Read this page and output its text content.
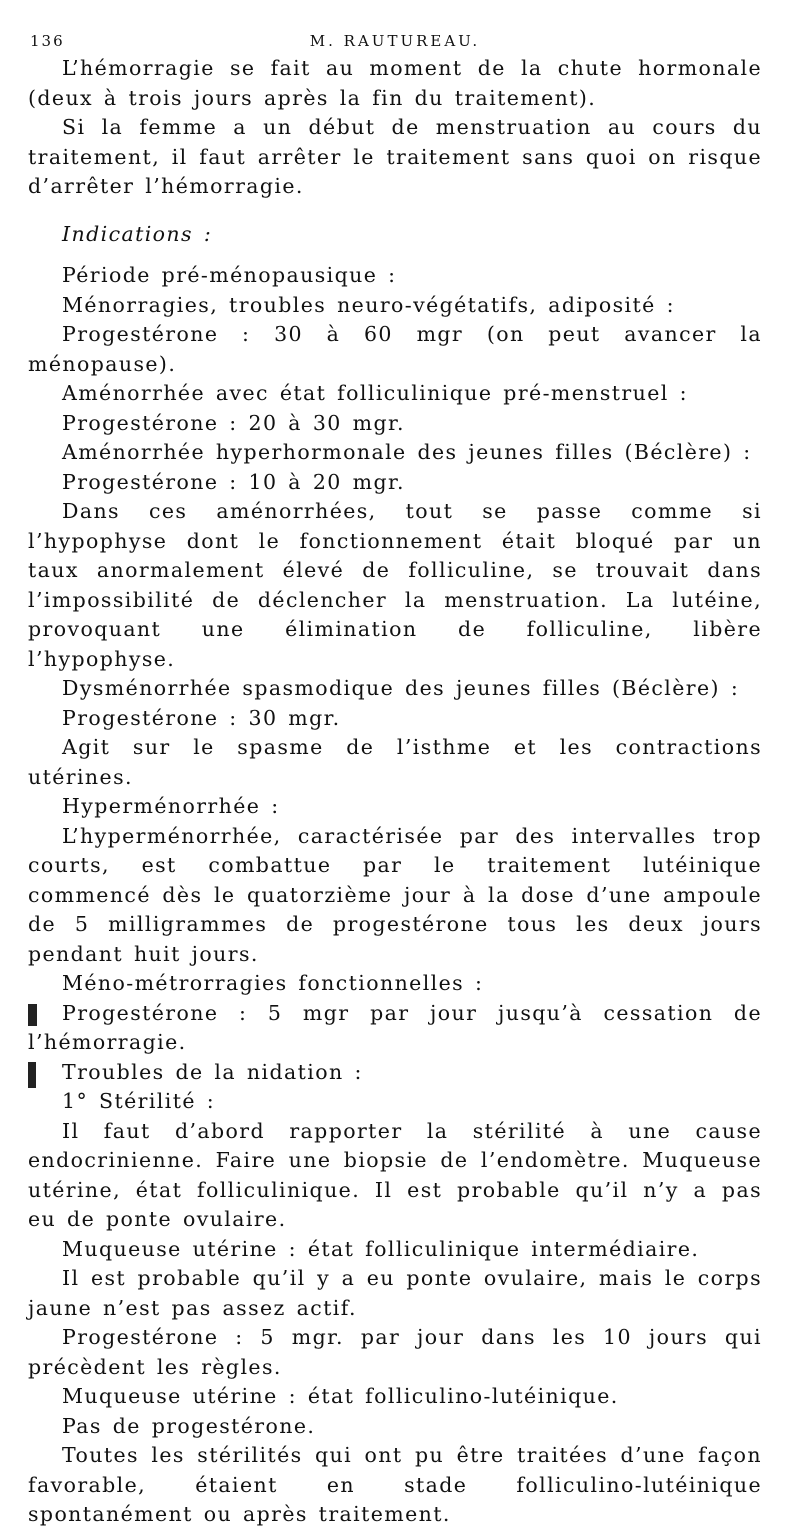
136	M. RAUTUREAU.

L’hémorragie se fait au moment de la chute hormonale (deux à trois jours après la fin du traitement).

Si la femme a un début de menstruation au cours du traitement, il faut arrêter le traitement sans quoi on risque d’arrêter l’hémorragie.

Indications :

Période pré-ménopausique :

Ménorragies, troubles neuro-végétatifs, adiposité :

Progestérone : 30 à 60 mgr (on peut avancer la ménopause).

Aménorrhée avec état folliculinique pré-menstruel :

Progestérone : 20 à 30 mgr.

Aménorrhée hyperhormonale des jeunes filles (Béclère) :

Progestérone : 10 à 20 mgr.

Dans ces aménorrhées, tout se passe comme si l’hypophyse dont le fonctionnement était bloqué par un taux anormalement élevé de folliculine, se trouvait dans l’impossibilité de déclencher la menstruation. La lutéine, provoquant une élimination de folliculine, libère l’hypophyse.

Dysménorrhée spasmodique des jeunes filles (Béclère) :

Progestérone : 30 mgr.

Agit sur le spasme de l’isthme et les contractions utérines.

Hyperménorrhée :

L’hyperménorrhée, caractérisée par des intervalles trop courts, est combattue par le traitement lutéinique commencé dès le quatorzième jour à la dose d’une ampoule de 5 milligrammes de progestérone tous les deux jours pendant huit jours.

Méno-métrorragies fonctionnelles :

Progestérone : 5 mgr par jour jusqu’à cessation de l’hémorragie.

Troubles de la nidation :

1° Stérilité :

Il faut d’abord rapporter la stérilité à une cause endocrinienne. Faire une biopsie de l’endomètre. Muqueuse utérine, état folliculinique. Il est probable qu’il n’y a pas eu de ponte ovulaire.

Muqueuse utérine : état folliculinique intermédiaire.

Il est probable qu’il y a eu ponte ovulaire, mais le corps jaune n’est pas assez actif.

Progestérone : 5 mgr. par jour dans les 10 jours qui précèdent les règles.

Muqueuse utérine : état folliculino-lutéinique.

Pas de progestérone.

Toutes les stérilités qui ont pu être traitées d’une façon favorable, étaient en stade folliculino-lutéinique spontanément ou après traitement.
